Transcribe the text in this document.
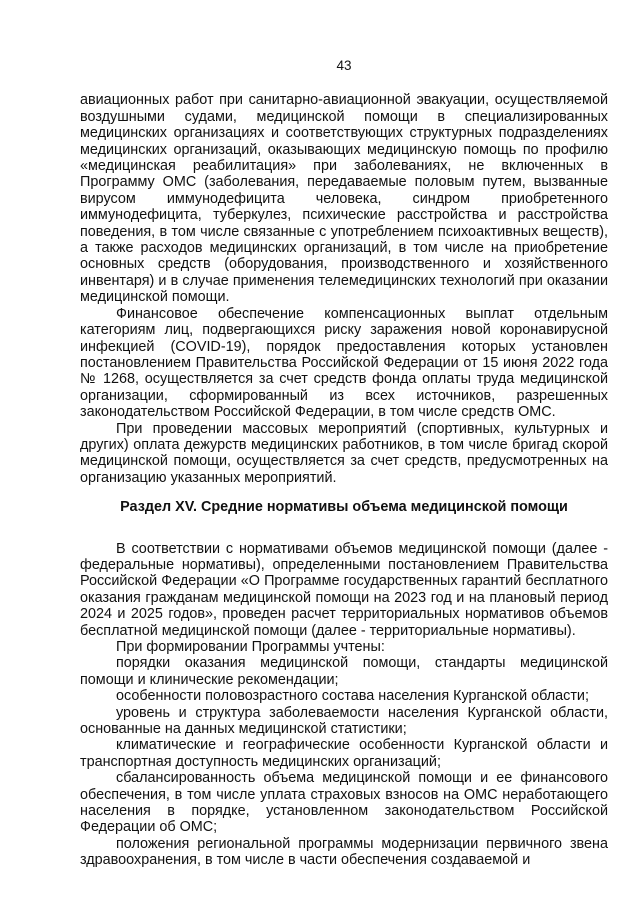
43

авиационных работ при санитарно-авиационной эвакуации, осуществляемой воздушными судами, медицинской помощи в специализированных медицинских организациях и соответствующих структурных подразделениях медицинских организаций, оказывающих медицинскую помощь по профилю «медицинская реабилитация» при заболеваниях, не включенных в Программу ОМС (заболевания, передаваемые половым путем, вызванные вирусом иммунодефицита человека, синдром приобретенного иммунодефицита, туберкулез, психические расстройства и расстройства поведения, в том числе связанные с употреблением психоактивных веществ), а также расходов медицинских организаций, в том числе на приобретение основных средств (оборудования, производственного и хозяйственного инвентаря) и в случае применения телемедицинских технологий при оказании медицинской помощи.

Финансовое обеспечение компенсационных выплат отдельным категориям лиц, подвергающихся риску заражения новой коронавирусной инфекцией (COVID-19), порядок предоставления которых установлен постановлением Правительства Российской Федерации от 15 июня 2022 года № 1268, осуществляется за счет средств фонда оплаты труда медицинской организации, сформированный из всех источников, разрешенных законодательством Российской Федерации, в том числе средств ОМС.

При проведении массовых мероприятий (спортивных, культурных и других) оплата дежурств медицинских работников, в том числе бригад скорой медицинской помощи, осуществляется за счет средств, предусмотренных на организацию указанных мероприятий.

Раздел XV. Средние нормативы объема медицинской помощи

В соответствии с нормативами объемов медицинской помощи (далее - федеральные нормативы), определенными постановлением Правительства Российской Федерации «О Программе государственных гарантий бесплатного оказания гражданам медицинской помощи на 2023 год и на плановый период 2024 и 2025 годов», проведен расчет территориальных нормативов объемов бесплатной медицинской помощи (далее - территориальные нормативы).

При формировании Программы учтены:

порядки оказания медицинской помощи, стандарты медицинской помощи и клинические рекомендации;

особенности половозрастного состава населения Курганской области;

уровень и структура заболеваемости населения Курганской области, основанные на данных медицинской статистики;

климатические и географические особенности Курганской области и транспортная доступность медицинских организаций;

сбалансированность объема медицинской помощи и ее финансового обеспечения, в том числе уплата страховых взносов на ОМС неработающего населения в порядке, установленном законодательством Российской Федерации об ОМС;

положения региональной программы модернизации первичного звена здравоохранения, в том числе в части обеспечения создаваемой и
